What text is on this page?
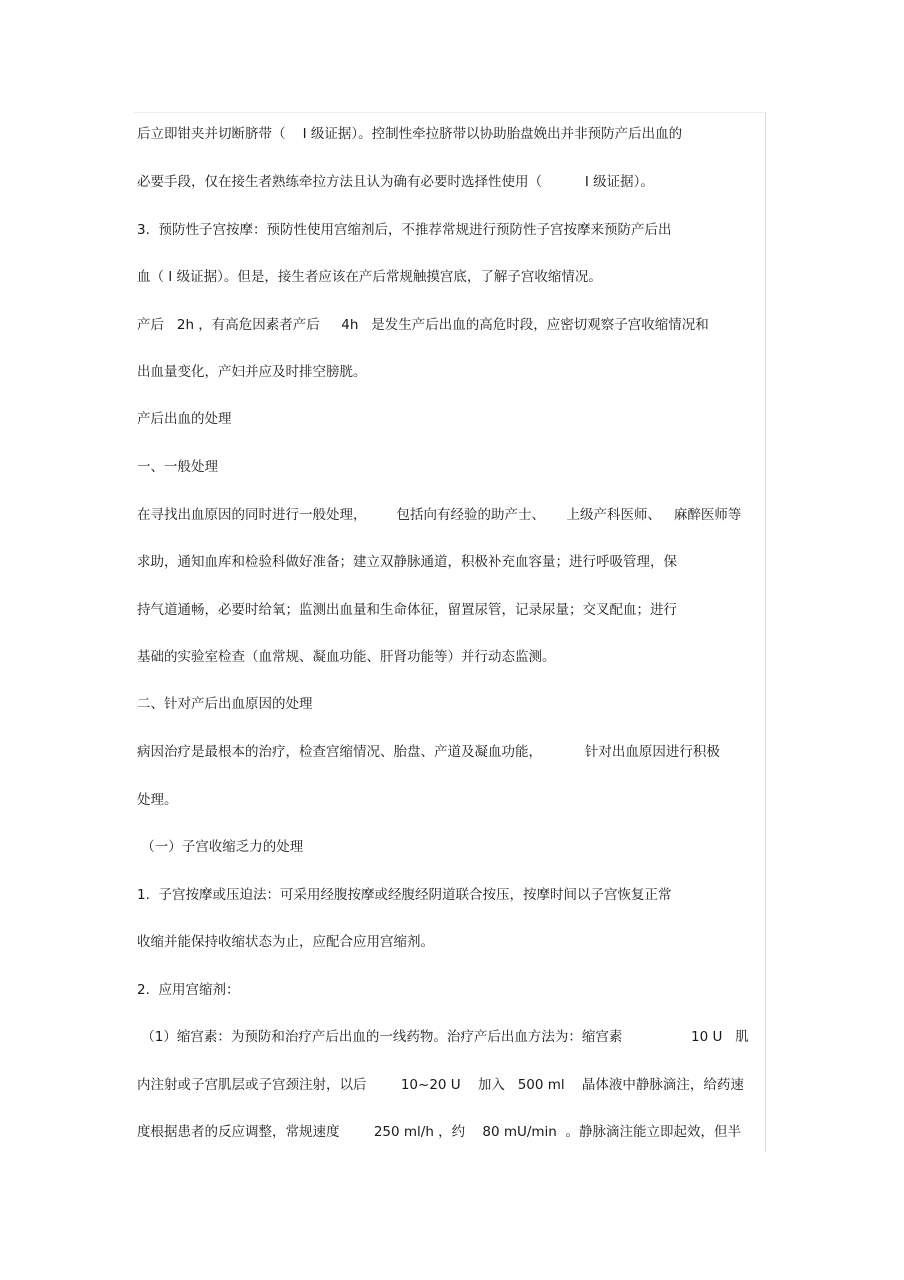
后立即钳夹并切断脐带（    Ⅰ 级证据）。控制性牵拉脐带以协助胎盘娩出并非预防产后出血的
必要手段，仅在接生者熟练牵拉方法且认为确有必要时选择性使用（          Ⅰ 级证据）。
3.  预防性子宫按摩：预防性使用宫缩剂后，不推荐常规进行预防性子宫按摩来预防产后出
血（ Ⅰ 级证据）。但是，接生者应该在产后常规触摸宫底，了解子宫收缩情况。
产后   2h ，有高危因素者产后     4h   是发生产后出血的高危时段，应密切观察子宫收缩情况和
出血量变化，产妇并应及时排空膀胱。
产后出血的处理
一、一般处理
在寻找出血原因的同时进行一般处理，       包括向有经验的助产士、     上级产科医师、   麻醉医师等
求助，通知血库和检验科做好准备；建立双静脉通道，积极补充血容量；进行呼吸管理，保
持气道通畅，必要时给氧；监测出血量和生命体征，留置尿管，记录尿量；交叉配血；进行
基础的实验室检查（血常规、凝血功能、肝肾功能等）并行动态监测。
二、针对产后出血原因的处理
病因治疗是最根本的治疗，检查宫缩情况、胎盘、产道及凝血功能，          针对出血原因进行积极
处理。
（一）子宫收缩乏力的处理
1.  子宫按摩或压迫法：可采用经腹按摩或经腹经阴道联合按压，按摩时间以子宫恢复正常
收缩并能保持收缩状态为止，应配合应用宫缩剂。
2.  应用宫缩剂：
（1）缩宫素：为预防和治疗产后出血的一线药物。治疗产后出血方法为：缩宫素                10 U   肌
内注射或子宫肌层或子宫颈注射，以后        10~20 U    加入   500 ml    晶体液中静脉滴注，给药速
度根据患者的反应调整，常规速度        250 ml/h ，约    80 mU/min  。静脉滴注能立即起效，但半
